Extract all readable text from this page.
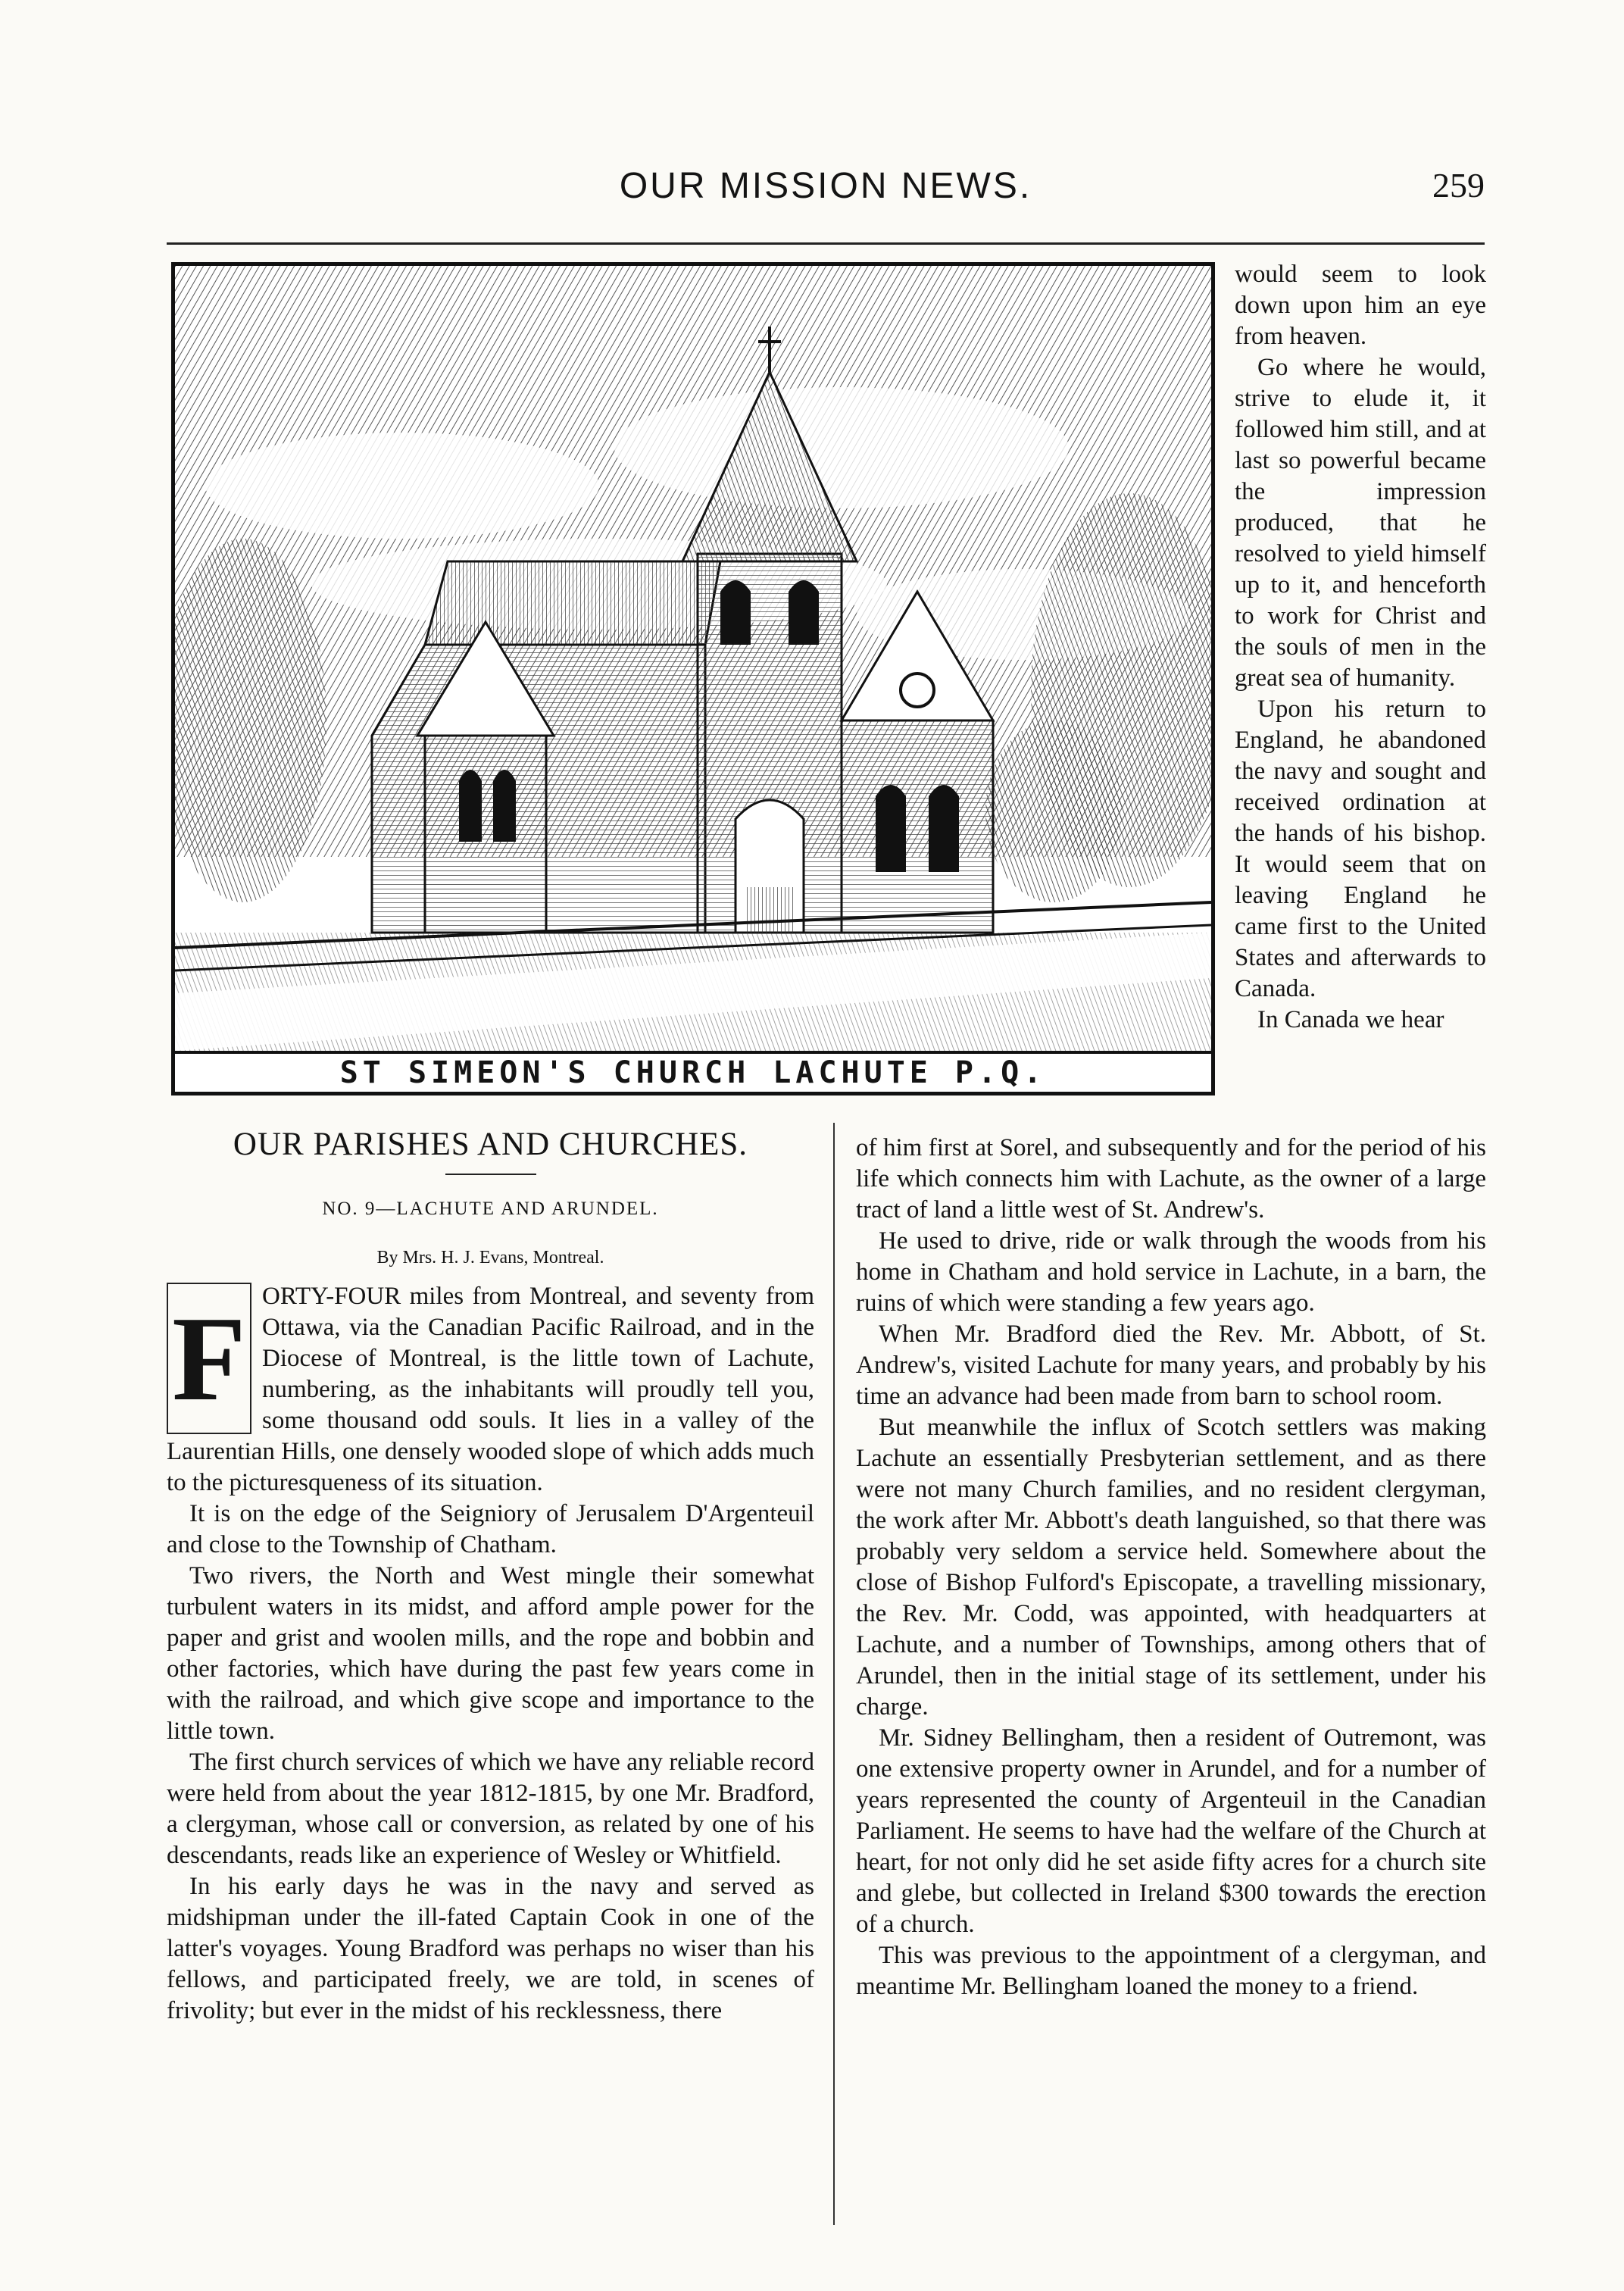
OUR MISSION NEWS.	259
ST SIMEON'S CHURCH LACHUTE P.Q.

would seem to look down upon him an eye from heaven.

Go where he would, strive to elude it, it followed him still, and at last so powerful became the impression produced, that he resolved to yield himself up to it, and henceforth to work for Christ and the souls of men in the great sea of humanity.

Upon his return to England, he abandoned the navy and sought and received ordination at the hands of his bishop. It would seem that on leaving England he came first to the United States and afterwards to Canada.

In Canada we hear

OUR PARISHES AND CHURCHES.
NO. 9—LACHUTE AND ARUNDEL.
By Mrs. H. J. Evans, Montreal.
F ORTY-FOUR miles from Montreal, and seventy from Ottawa, via the Canadian Pacific Railroad, and in the Diocese of Montreal, is the little town of Lachute, numbering, as the inhabitants will proudly tell you, some thousand odd souls. It lies in a valley of the Laurentian Hills, one densely wooded slope of which adds much to the picturesqueness of its situation.

It is on the edge of the Seigniory of Jerusalem D'Argenteuil and close to the Township of Chatham.

Two rivers, the North and West mingle their somewhat turbulent waters in its midst, and afford ample power for the paper and grist and woolen mills, and the rope and bobbin and other factories, which have during the past few years come in with the railroad, and which give scope and importance to the little town.

The first church services of which we have any reliable record were held from about the year 1812-1815, by one Mr. Bradford, a clergyman, whose call or conversion, as related by one of his descendants, reads like an experience of Wesley or Whitfield.

In his early days he was in the navy and served as midshipman under the ill-fated Captain Cook in one of the latter's voyages. Young Bradford was perhaps no wiser than his fellows, and participated freely, we are told, in scenes of frivolity; but ever in the midst of his recklessness, there

of him first at Sorel, and subsequently and for the period of his life which connects him with Lachute, as the owner of a large tract of land a little west of St. Andrew's.

He used to drive, ride or walk through the woods from his home in Chatham and hold service in Lachute, in a barn, the ruins of which were standing a few years ago.

When Mr. Bradford died the Rev. Mr. Abbott, of St. Andrew's, visited Lachute for many years, and probably by his time an advance had been made from barn to school room.

But meanwhile the influx of Scotch settlers was making Lachute an essentially Presbyterian settlement, and as there were not many Church families, and no resident clergyman, the work after Mr. Abbott's death languished, so that there was probably very seldom a service held. Somewhere about the close of Bishop Fulford's Episcopate, a travelling missionary, the Rev. Mr. Codd, was appointed, with headquarters at Lachute, and a number of Townships, among others that of Arundel, then in the initial stage of its settlement, under his charge.

Mr. Sidney Bellingham, then a resident of Outremont, was one extensive property owner in Arundel, and for a number of years represented the county of Argenteuil in the Canadian Parliament. He seems to have had the welfare of the Church at heart, for not only did he set aside fifty acres for a church site and glebe, but collected in Ireland $300 towards the erection of a church.

This was previous to the appointment of a clergyman, and meantime Mr. Bellingham loaned the money to a friend.
